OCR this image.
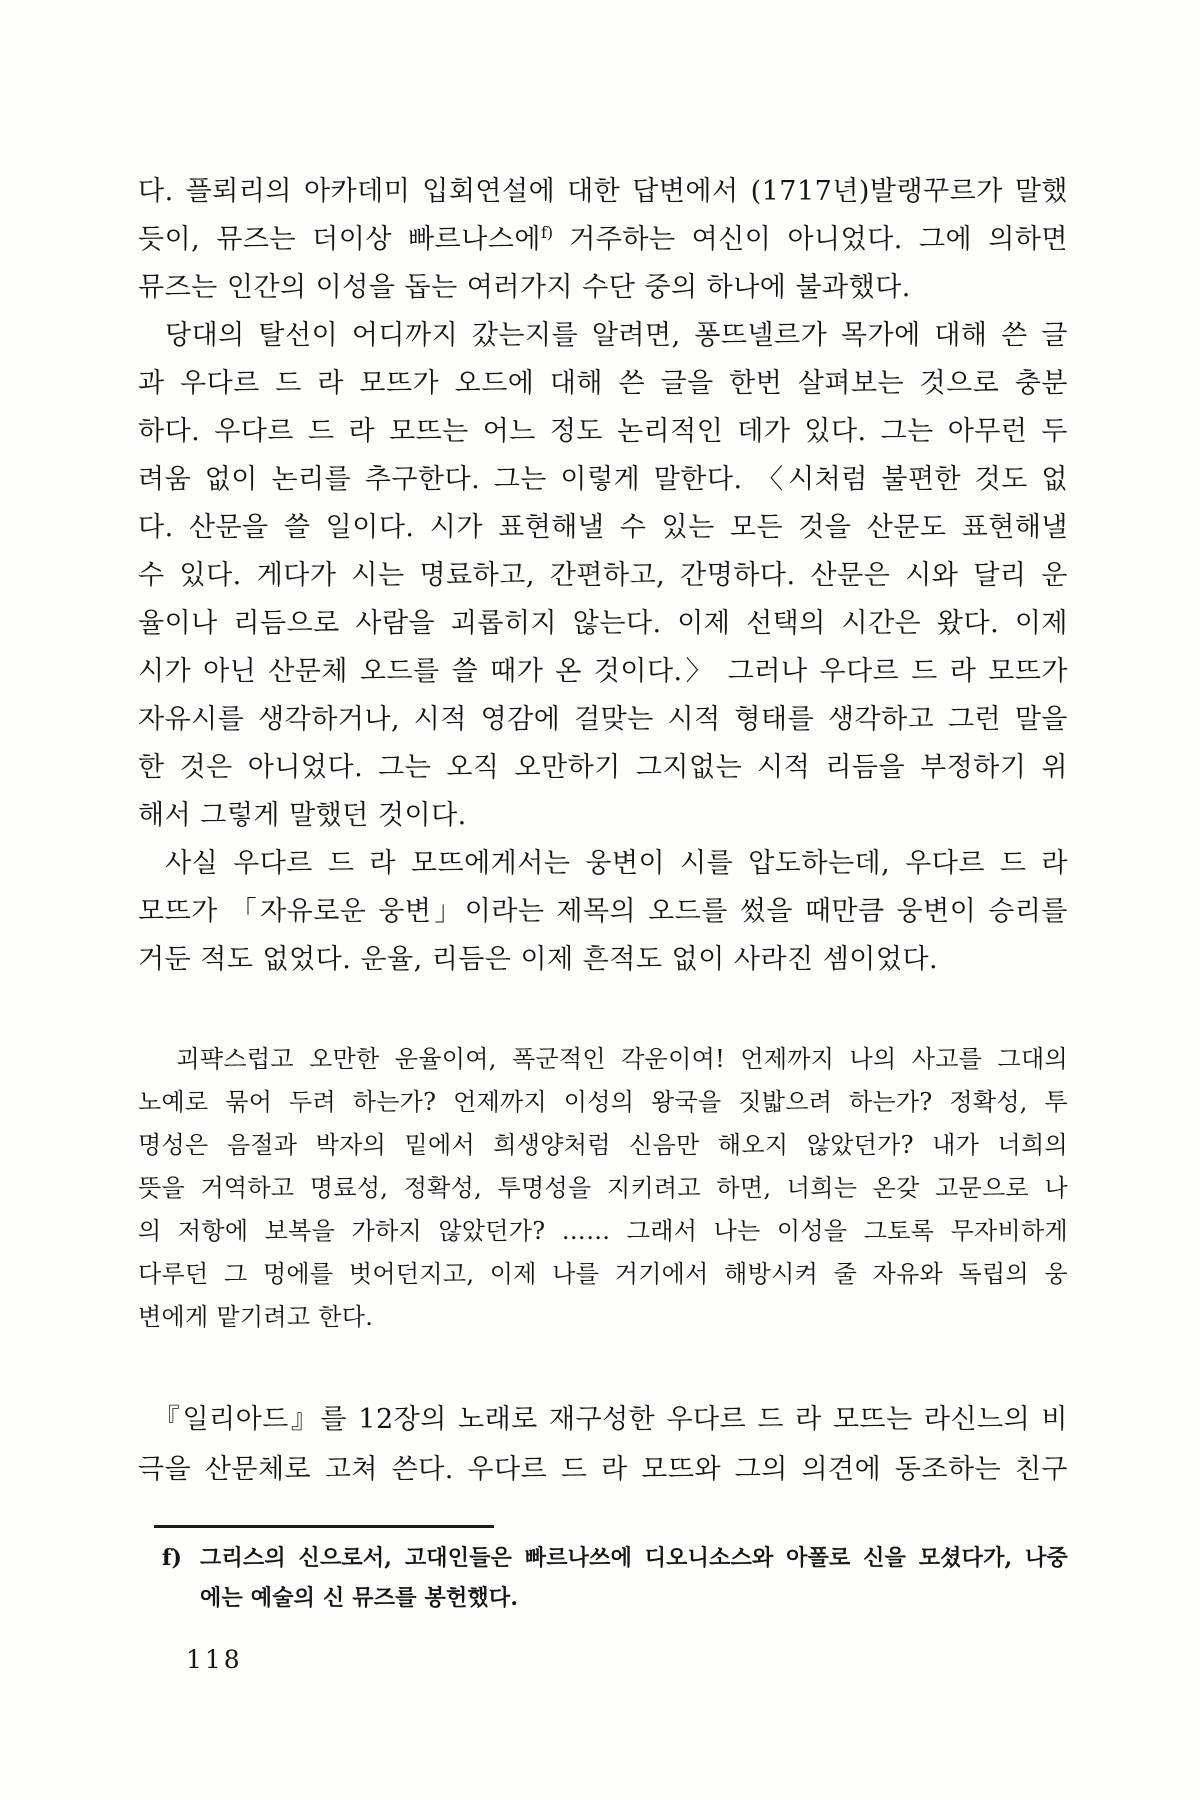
다. 플뢰리의 아카데미 입회연설에 대한 답변에서 (1717년)발랭꾸르가 말했
듯이, 뮤즈는 더이상 빠르나스에$^{f)}$ 거주하는 여신이 아니었다. 그에 의하면
뮤즈는 인간의 이성을 돕는 여러가지 수단 중의 하나에 불과했다.
당대의 탈선이 어디까지 갔는지를 알려면, 퐁뜨넬르가 목가에 대해 쓴 글
과 우다르 드 라 모뜨가 오드에 대해 쓴 글을 한번 살펴보는 것으로 충분
하다. 우다르 드 라 모뜨는 어느 정도 논리적인 데가 있다. 그는 아무런 두
려움 없이 논리를 추구한다. 그는 이렇게 말한다. 〈시처럼 불편한 것도 없
다. 산문을 쓸 일이다. 시가 표현해낼 수 있는 모든 것을 산문도 표현해낼
수 있다. 게다가 시는 명료하고, 간편하고, 간명하다. 산문은 시와 달리 운
율이나 리듬으로 사람을 괴롭히지 않는다. 이제 선택의 시간은 왔다. 이제
시가 아닌 산문체 오드를 쓸 때가 온 것이다.〉 그러나 우다르 드 라 모뜨가
자유시를 생각하거나, 시적 영감에 걸맞는 시적 형태를 생각하고 그런 말을
한 것은 아니었다. 그는 오직 오만하기 그지없는 시적 리듬을 부정하기 위
해서 그렇게 말했던 것이다.
사실 우다르 드 라 모뜨에게서는 웅변이 시를 압도하는데, 우다르 드 라
모뜨가 「자유로운 웅변」이라는 제목의 오드를 썼을 때만큼 웅변이 승리를
거둔 적도 없었다. 운율, 리듬은 이제 흔적도 없이 사라진 셈이었다.
괴퍅스럽고 오만한 운율이여, 폭군적인 각운이여! 언제까지 나의 사고를 그대의
노예로 묶어 두려 하는가? 언제까지 이성의 왕국을 짓밟으려 하는가? 정확성, 투
명성은 음절과 박자의 밑에서 희생양처럼 신음만 해오지 않았던가? 내가 너희의
뜻을 거역하고 명료성, 정확성, 투명성을 지키려고 하면, 너희는 온갖 고문으로 나
의 저항에 보복을 가하지 않았던가? …… 그래서 나는 이성을 그토록 무자비하게
다루던 그 멍에를 벗어던지고, 이제 나를 거기에서 해방시켜 줄 자유와 독립의 웅
변에게 맡기려고 한다.
『일리아드』를 12장의 노래로 재구성한 우다르 드 라 모뜨는 라신느의 비
극을 산문체로 고쳐 쓴다. 우다르 드 라 모뜨와 그의 의견에 동조하는 친구
f) 그리스의 신으로서, 고대인들은 빠르나쓰에 디오니소스와 아폴로 신을 모셨다가, 나중
에는 예술의 신 뮤즈를 봉헌했다.
118
